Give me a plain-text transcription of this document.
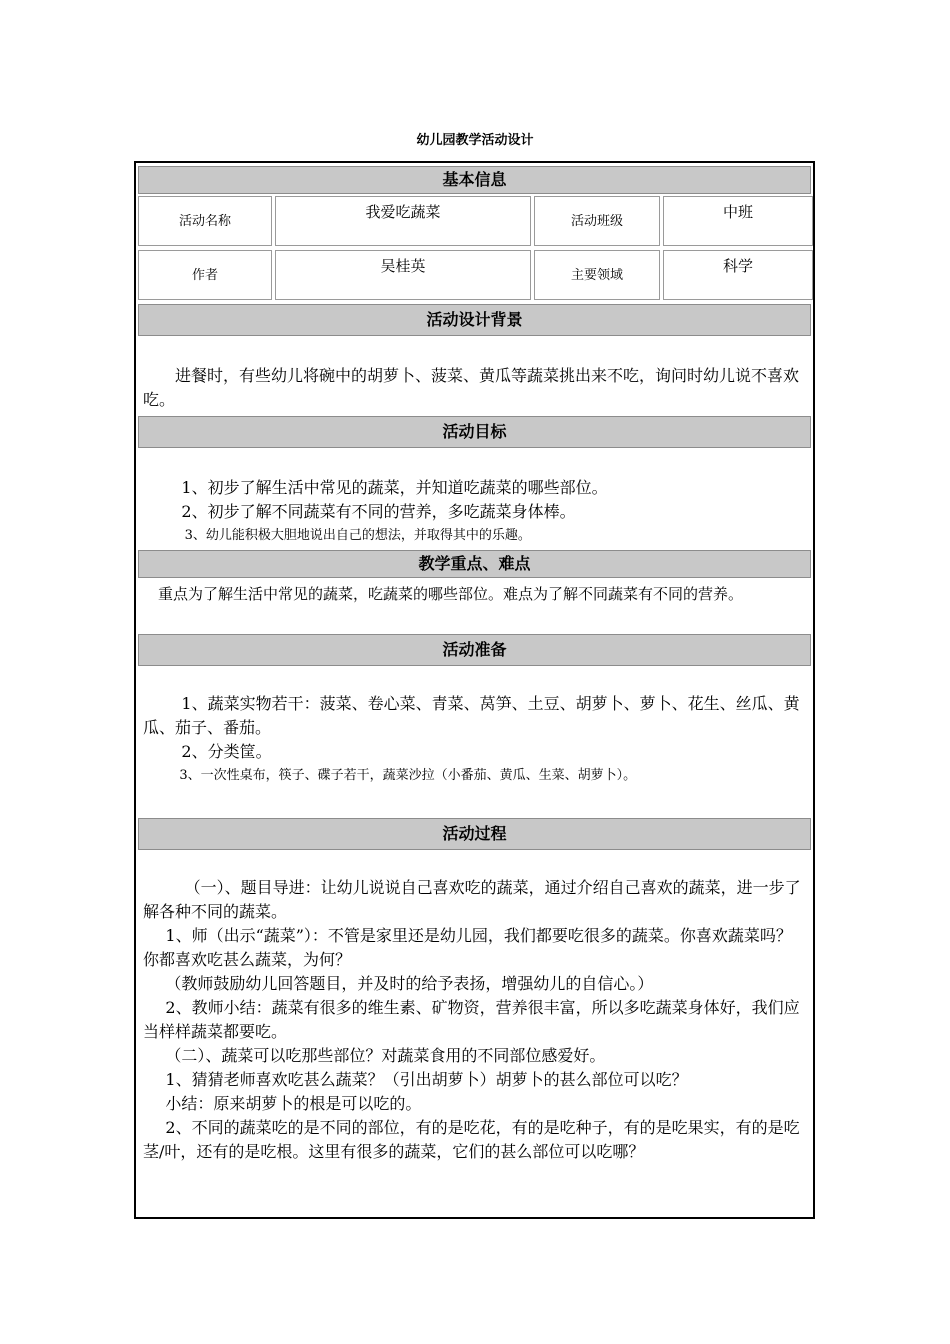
幼儿园教学活动设计
基本信息
活动名称
我爱吃蔬菜
活动班级
中班
作者
吴桂英
主要领域
科学
活动设计背景
进餐时，有些幼儿将碗中的胡萝卜、菠菜、黄瓜等蔬菜挑出来不吃，询问时幼儿说不喜欢吃。
活动目标
1、初步了解生活中常见的蔬菜，并知道吃蔬菜的哪些部位。
2、初步了解不同蔬菜有不同的营养，多吃蔬菜身体棒。
3、幼儿能积极大胆地说出自己的想法，并取得其中的乐趣。
教学重点、难点
重点为了解生活中常见的蔬菜，吃蔬菜的哪些部位。难点为了解不同蔬菜有不同的营养。
活动准备
1、蔬菜实物若干：菠菜、卷心菜、青菜、莴笋、土豆、胡萝卜、萝卜、花生、丝瓜、黄瓜、茄子、番茄。
2、分类筐。
3、一次性桌布，筷子、碟子若干，蔬菜沙拉（小番茄、黄瓜、生菜、胡萝卜）。
活动过程
（一）、题目导进：让幼儿说说自己喜欢吃的蔬菜，通过介绍自己喜欢的蔬菜，进一步了解各种不同的蔬菜。
1、师（出示“蔬菜”）：不管是家里还是幼儿园，我们都要吃很多的蔬菜。你喜欢蔬菜吗？你都喜欢吃甚么蔬菜，为何？
（教师鼓励幼儿回答题目，并及时的给予表扬，增强幼儿的自信心。）
2、教师小结：蔬菜有很多的维生素、矿物资，营养很丰富，所以多吃蔬菜身体好，我们应当样样蔬菜都要吃。
（二）、蔬菜可以吃那些部位？对蔬菜食用的不同部位感爱好。
1、猜猜老师喜欢吃甚么蔬菜？（引出胡萝卜）胡萝卜的甚么部位可以吃？
小结：原来胡萝卜的根是可以吃的。
2、不同的蔬菜吃的是不同的部位，有的是吃花，有的是吃种子，有的是吃果实，有的是吃茎/叶，还有的是吃根。这里有很多的蔬菜，它们的甚么部位可以吃哪？
